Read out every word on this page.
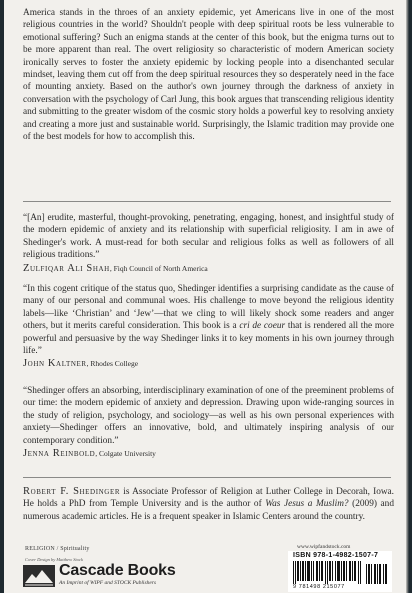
America stands in the throes of an anxiety epidemic, yet Americans live in one of the most religious countries in the world? Shouldn't people with deep spiritual roots be less vulnerable to emotional suffering? Such an enigma stands at the center of this book, but the enigma turns out to be more apparent than real. The overt religiosity so characteristic of modern American society ironically serves to foster the anxiety epidemic by locking people into a disenchanted secular mindset, leaving them cut off from the deep spiritual resources they so desperately need in the face of mounting anxiety. Based on the author's own journey through the darkness of anxiety in conversation with the psychology of Carl Jung, this book argues that transcending religious identity and submitting to the greater wisdom of the cosmic story holds a powerful key to resolving anxiety and creating a more just and sustainable world. Surprisingly, the Islamic tradition may provide one of the best models for how to accomplish this.

“[An] erudite, masterful, thought-provoking, penetrating, engaging, honest, and insightful study of the modern epidemic of anxiety and its relationship with superficial religiosity. I am in awe of Shedinger's work. A must-read for both secular and religious folks as well as followers of all religious traditions.”

Zulfiqar Ali Shah, Fiqh Council of North America

“In this cogent critique of the status quo, Shedinger identifies a surprising candidate as the cause of many of our personal and communal woes. His challenge to move beyond the religious identity labels—like ‘Christian’ and ‘Jew’—that we cling to will likely shock some readers and anger others, but it merits careful consideration. This book is a cri de coeur that is rendered all the more powerful and persuasive by the way Shedinger links it to key moments in his own journey through life.”

John Kaltner, Rhodes College

“Shedinger offers an absorbing, interdisciplinary examination of one of the preeminent problems of our time: the modern epidemic of anxiety and depression. Drawing upon wide-ranging sources in the study of religion, psychology, and sociology—as well as his own personal experiences with anxiety—Shedinger offers an innovative, bold, and ultimately inspiring analysis of our contemporary condition.”

Jenna Reinbold, Colgate University

Robert F. Shedinger is Associate Professor of Religion at Luther College in Decorah, Iowa. He holds a PhD from Temple University and is the author of Was Jesus a Muslim? (2009) and numerous academic articles. He is a frequent speaker in Islamic Centers around the country.

RELIGION / Spirituality
Cover Design by Matthew Stock
Cascade Books
An Imprint of WIPF and STOCK Publishers
www.wipfandstock.com
ISBN 978-1-4982-1507-7
9 781498 215077
